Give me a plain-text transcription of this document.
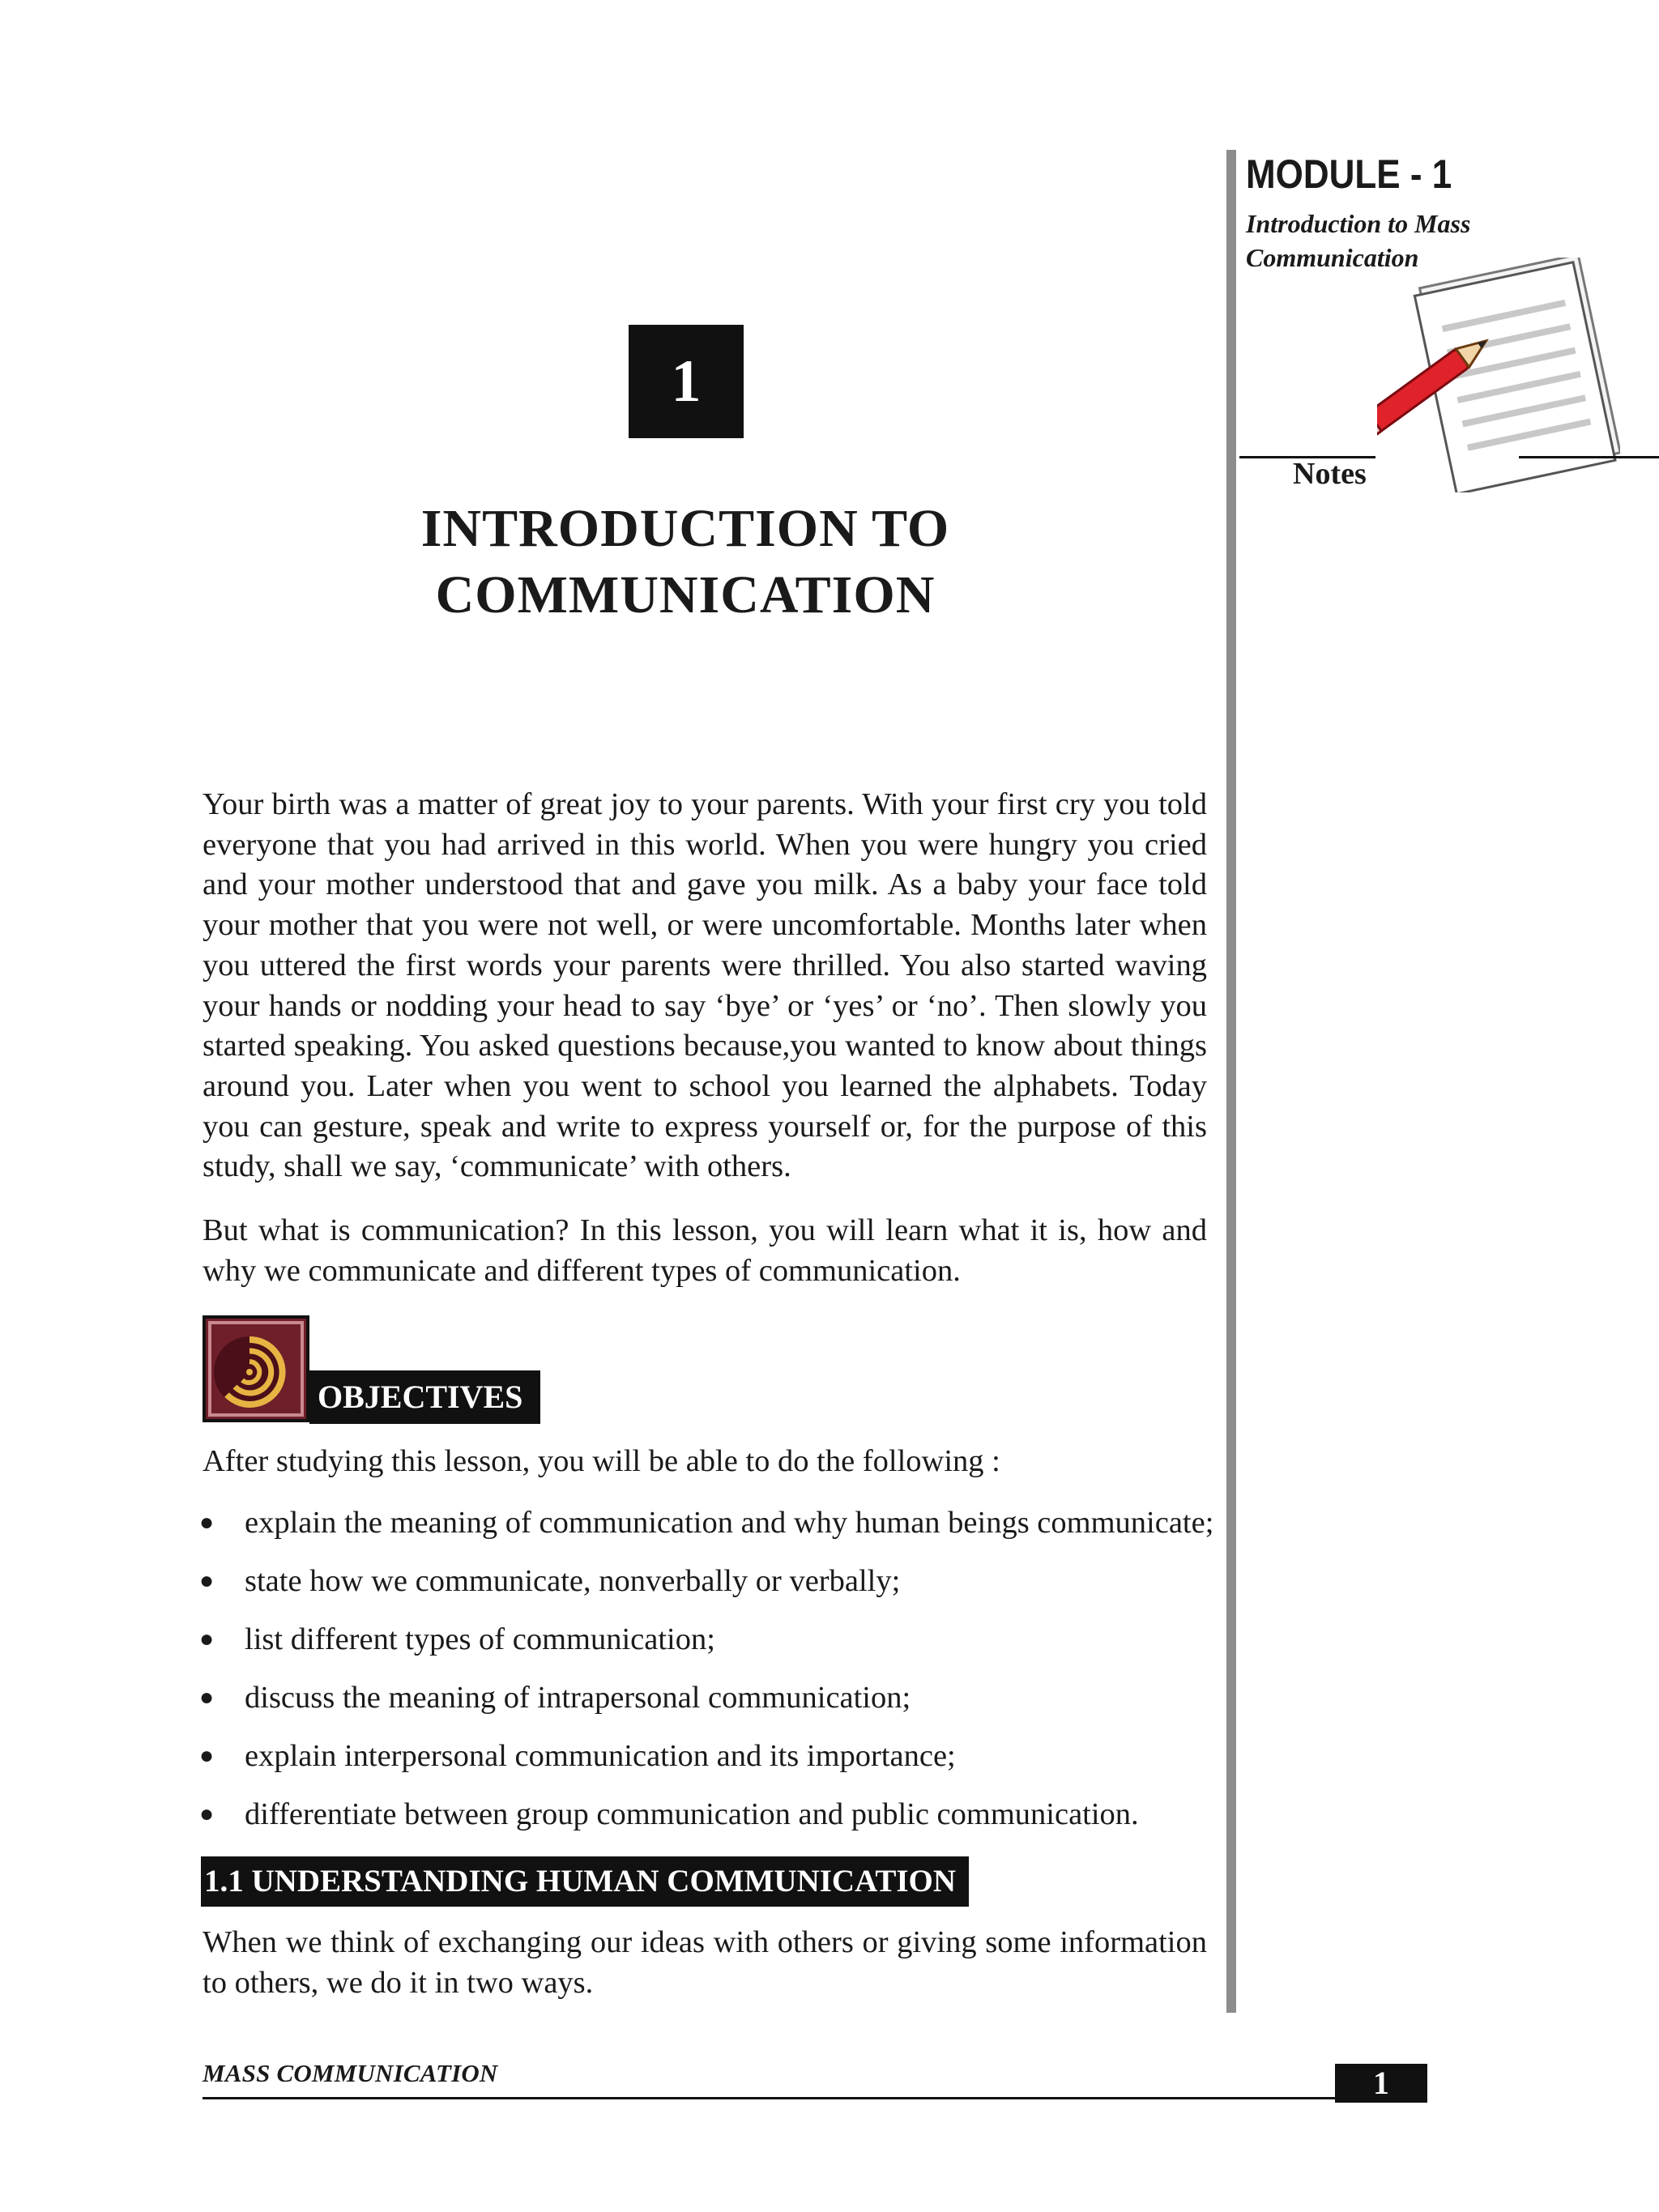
MODULE - 1
Introduction to Mass
Communication
Notes
1
INTRODUCTION TO
COMMUNICATION
Your birth was a matter of great joy to your parents. With your first cry you told
everyone that you had arrived in this world. When you were hungry you cried
and your mother understood that and gave you milk. As a baby your face told
your mother that you were not well, or were uncomfortable. Months later when
you uttered the first words your parents were thrilled. You also started waving
your hands or nodding your head to say ‘bye’ or ‘yes’ or ‘no’. Then slowly you
started speaking. You asked questions because,you wanted to know about things
around you. Later when you went to school you learned the alphabets. Today
you can gesture, speak and write to express yourself or, for the purpose of this
study, shall we say, ‘communicate’ with others.
But what is communication? In this lesson, you will learn what it is, how and
why we communicate and different types of communication.
OBJECTIVES
After studying this lesson, you will be able to do the following :
● explain the meaning of communication and why human beings communicate;
● state how we communicate, nonverbally or verbally;
● list different types of communication;
● discuss the meaning of intrapersonal communication;
● explain interpersonal communication and its importance;
● differentiate between group communication and public communication.
1.1 UNDERSTANDING HUMAN COMMUNICATION
When we think of exchanging our ideas with others or giving some information
to others, we do it in two ways.
MASS COMMUNICATION	1
